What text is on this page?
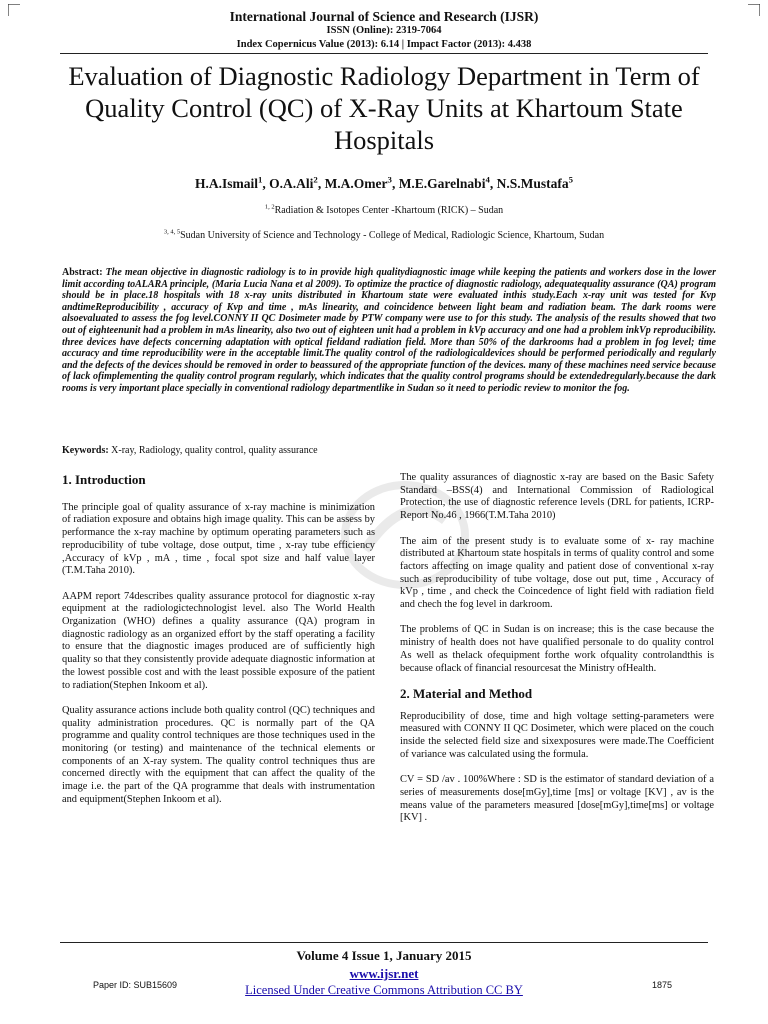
International Journal of Science and Research (IJSR)
ISSN (Online): 2319-7064
Index Copernicus Value (2013): 6.14 | Impact Factor (2013): 4.438
Evaluation of Diagnostic Radiology Department in Term of Quality Control (QC) of X-Ray Units at Khartoum State Hospitals
H.A.Ismail$^1$, O.A.Ali$^2$, M.A.Omer$^3$, M.E.Garelnabi$^4$, N.S.Mustafa$^5$
$^{1, 2}$Radiation & Isotopes Center -Khartoum (RICK) – Sudan
$^{3, 4, 5}$Sudan University of Science and Technology - College of Medical, Radiologic Science, Khartoum, Sudan
Abstract: The mean objective in diagnostic radiology is to in provide high qualitydiagnostic image while keeping the patients and workers dose in the lower limit according toALARA principle, (Maria Lucia Nana et al 2009). To optimize the practice of diagnostic radiology, adequatequality assurance (QA) program should be in place.18 hospitals with 18 x-ray units distributed in Khartoum state were evaluated inthis study.Each x-ray unit was tested for Kvp andtimeReproducibility , accuracy of Kvp and time , mAs linearity, and coincidence between light beam and radiation beam. The dark rooms were alsoevaluated to assess the fog level.CONNY II QC Dosimeter made by PTW company were use to for this study. The analysis of the results showed that two out of eighteenunit had a problem in mAs linearity, also two out of eighteen unit had a problem in kVp accuracy and one had a problem inkVp reproducibility. three devices have defects concerning adaptation with optical fieldand radiation field. More than 50% of the darkrooms had a problem in fog level; time accuracy and time reproducibility were in the acceptable limit.The quality control of the radiologicaldevices should be performed periodically and regularly and the defects of the devices should be removed in order to beassured of the appropriate function of the devices. many of these machines need service because of lack ofimplementing the quality control program regularly, which indicates that the quality control programs should be extendedregularly.because the dark rooms is very important place specially in conventional radiology departmentlike in Sudan so it need to periodic review to monitor the fog.
Keywords: X-ray, Radiology, quality control, quality assurance
1. Introduction

The principle goal of quality assurance of x-ray machine is minimization of radiation exposure and obtains high image quality. This can be assess by performance the x-ray machine by optimum operating parameters such as reproducibility of tube voltage, dose output, time , x-ray tube efficiency ,Accuracy of kVp , mA , time , focal spot size and half value layer (T.M.Taha 2010).

AAPM report 74describes quality assurance protocol for diagnostic x-ray equipment at the radiologictechnologist level. also The World Health Organization (WHO) defines a quality assurance (QA) program in diagnostic radiology as an organized effort by the staff operating a facility to ensure that the diagnostic images produced are of sufficiently high quality so that they consistently provide adequate diagnostic information at the lowest possible cost and with the least possible exposure of the patient to radiation(Stephen Inkoom et al).

Quality assurance actions include both quality control (QC) techniques and quality administration procedures. QC is normally part of the QA programme and quality control techniques are those techniques used in the monitoring (or testing) and maintenance of the technical elements or components of an X-ray system. The quality control techniques thus are concerned directly with the equipment that can affect the quality of the image i.e. the part of the QA programme that deals with instrumentation and equipment(Stephen Inkoom et al).

The quality assurances of diagnostic x-ray are based on the Basic Safety Standard –BSS(4) and International Commission of Radiological Protection, the use of diagnostic reference levels (DRL for patients, ICRP- Report No.46 , 1966(T.M.Taha 2010)

The aim of the present study is to evaluate some of x- ray machine distributed at Khartoum state hospitals in terms of quality control and some factors affecting on image quality and patient dose of conventional x-ray such as reproducibility of tube voltage, dose out put, time , Accuracy of kVp , time , and check the Coincedence of light field with radiation field and chech the fog level in darkroom.

The problems of QC in Sudan is on increase; this is the case because the ministry of health does not have qualified personale to do quality control As well as thelack ofequipment forthe work ofquality controlandthis is because oflack of financial resourcesat the Ministry ofHealth.

2. Material and Method

Reproducibility of dose, time and high voltage setting-parameters were measured with CONNY II QC Dosimeter, which were placed on the couch inside the selected field size and sixexposures were made.The Coefficient of variance was calculated using the formula.

CV = SD /av . 100%Where : SD is the estimator of standard deviation of a series of measurements dose[mGy],time [ms] or voltage [KV] , av is the means value of the parameters measured [dose[mGy],time[ms] or voltage [KV] .

Volume 4 Issue 1, January 2015
www.ijsr.net
Licensed Under Creative Commons Attribution CC BY
Paper ID: SUB15609	1875
